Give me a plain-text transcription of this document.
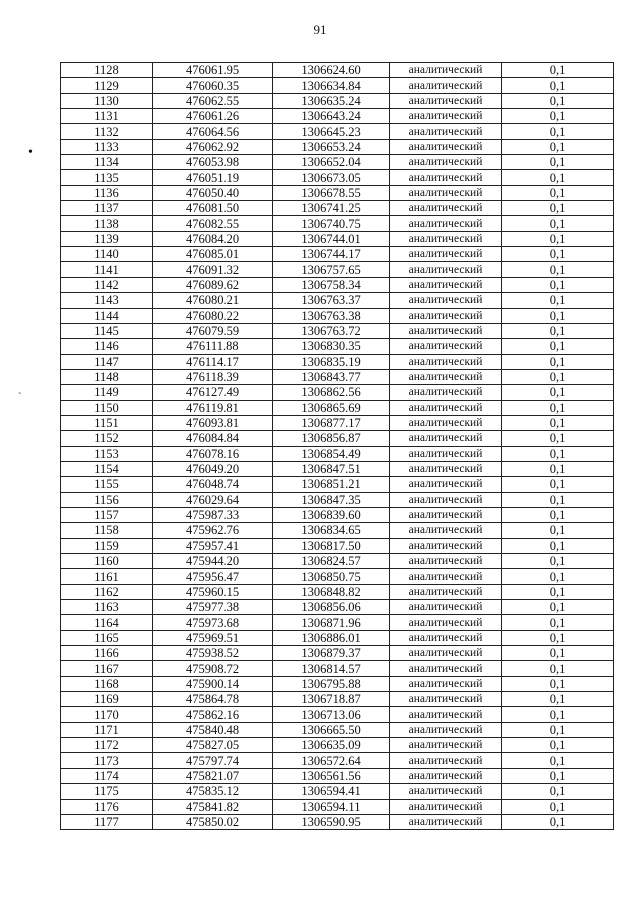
91
•
`
1128	476061.95	1306624.60	аналитический	0,1
1129	476060.35	1306634.84	аналитический	0,1
1130	476062.55	1306635.24	аналитический	0,1
1131	476061.26	1306643.24	аналитический	0,1
1132	476064.56	1306645.23	аналитический	0,1
1133	476062.92	1306653.24	аналитический	0,1
1134	476053.98	1306652.04	аналитический	0,1
1135	476051.19	1306673.05	аналитический	0,1
1136	476050.40	1306678.55	аналитический	0,1
1137	476081.50	1306741.25	аналитический	0,1
1138	476082.55	1306740.75	аналитический	0,1
1139	476084.20	1306744.01	аналитический	0,1
1140	476085.01	1306744.17	аналитический	0,1
1141	476091.32	1306757.65	аналитический	0,1
1142	476089.62	1306758.34	аналитический	0,1
1143	476080.21	1306763.37	аналитический	0,1
1144	476080.22	1306763.38	аналитический	0,1
1145	476079.59	1306763.72	аналитический	0,1
1146	476111.88	1306830.35	аналитический	0,1
1147	476114.17	1306835.19	аналитический	0,1
1148	476118.39	1306843.77	аналитический	0,1
1149	476127.49	1306862.56	аналитический	0,1
1150	476119.81	1306865.69	аналитический	0,1
1151	476093.81	1306877.17	аналитический	0,1
1152	476084.84	1306856.87	аналитический	0,1
1153	476078.16	1306854.49	аналитический	0,1
1154	476049.20	1306847.51	аналитический	0,1
1155	476048.74	1306851.21	аналитический	0,1
1156	476029.64	1306847.35	аналитический	0,1
1157	475987.33	1306839.60	аналитический	0,1
1158	475962.76	1306834.65	аналитический	0,1
1159	475957.41	1306817.50	аналитический	0,1
1160	475944.20	1306824.57	аналитический	0,1
1161	475956.47	1306850.75	аналитический	0,1
1162	475960.15	1306848.82	аналитический	0,1
1163	475977.38	1306856.06	аналитический	0,1
1164	475973.68	1306871.96	аналитический	0,1
1165	475969.51	1306886.01	аналитический	0,1
1166	475938.52	1306879.37	аналитический	0,1
1167	475908.72	1306814.57	аналитический	0,1
1168	475900.14	1306795.88	аналитический	0,1
1169	475864.78	1306718.87	аналитический	0,1
1170	475862.16	1306713.06	аналитический	0,1
1171	475840.48	1306665.50	аналитический	0,1
1172	475827.05	1306635.09	аналитический	0,1
1173	475797.74	1306572.64	аналитический	0,1
1174	475821.07	1306561.56	аналитический	0,1
1175	475835.12	1306594.41	аналитический	0,1
1176	475841.82	1306594.11	аналитический	0,1
1177	475850.02	1306590.95	аналитический	0,1
